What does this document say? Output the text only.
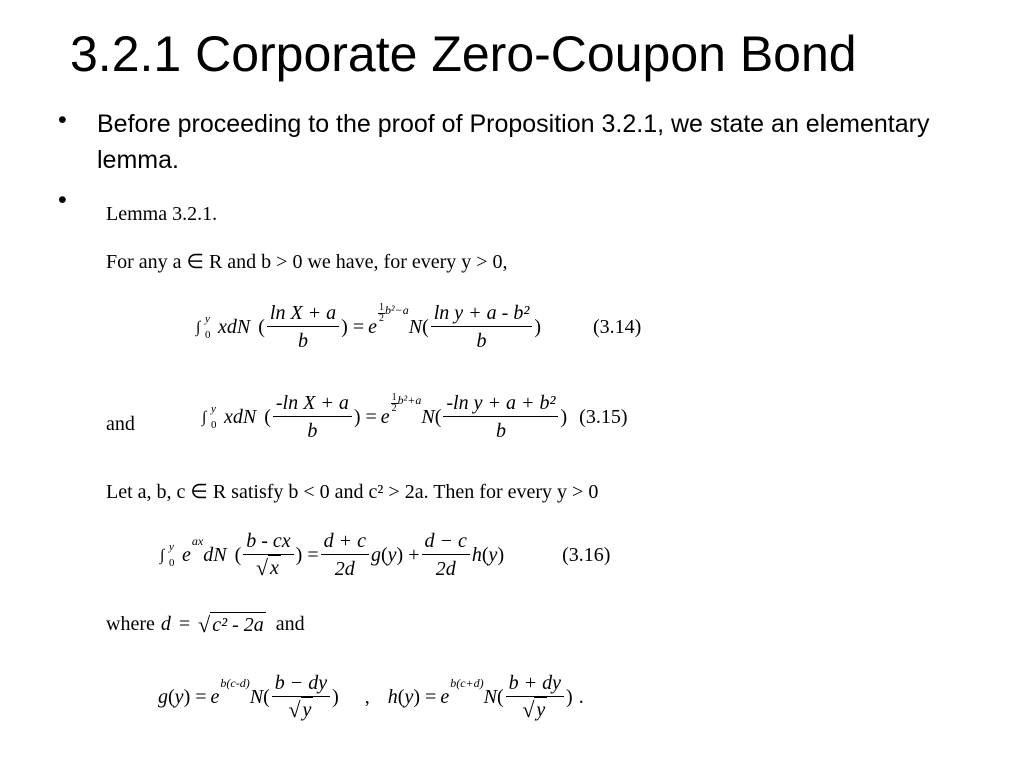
3.2.1 Corporate Zero-Coupon Bond
• Before proceeding to the proof of Proposition 3.2.1, we state an elementary lemma.
• Lemma 3.2.1.
For any a ∈ R and b > 0 we have, for every y > 0,
∫ y
0 xdN ( $\frac{\text{ln X + a}}{b}$ ) = e
1
2
b²−a
N ( $\frac{\text{ln y + a - b²}}{b}$ )	(3.14)
and	∫ y
0 xdN ( $\frac{\text{-ln X + a}}{b}$ ) = e
1
2
b²+a
N ( $\frac{\text{-ln y + a + b²}}{b}$ ) (3.15)
Let a, b, c ∈ R satisfy b < 0 and c² > 2a. Then for every y > 0
∫ y
0 e
ax
dN ( $\frac{b - cx}{√ x}$ ) = $\frac{d + c}{2d}$ g ( y ) + $\frac{d - c}{2d}$ h ( y )	(3.16)
where d = √ c² - 2a and
g ( y ) = e
b(c-d)
N ( $\frac{b - dy}{√ y}$ )
, h ( y ) = e
b(c+d)
N ( $\frac{b + dy}{√ y}$ )
.
